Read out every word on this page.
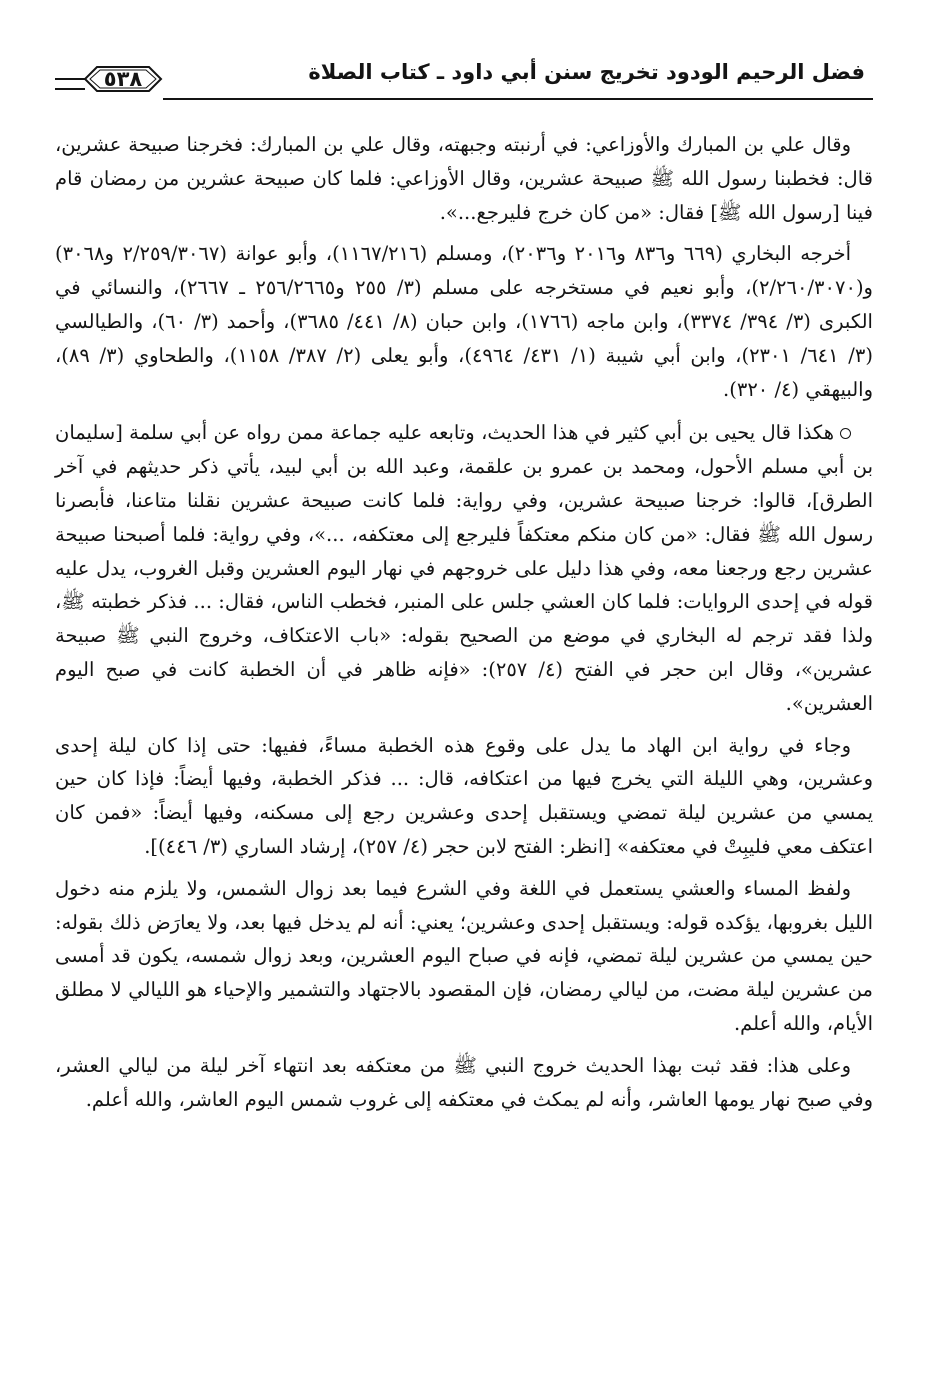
فضل الرحيم الودود تخريج سنن أبي داود ـ كتاب الصلاة
٥٣٨

وقال علي بن المبارك والأوزاعي: في أرنبته وجبهته، وقال علي بن المبارك: فخرجنا صبيحة عشرين، قال: فخطبنا رسول الله ﷺ صبيحة عشرين، وقال الأوزاعي: فلما كان صبيحة عشرين من رمضان قام فينا [رسول الله ﷺ] فقال: «من كان خرج فليرجع...».

أخرجه البخاري (٦٦٩ و٨٣٦ و٢٠١٦ و٢٠٣٦)، ومسلم (١١٦٧/٢١٦)، وأبو عوانة (٢/٢٥٩/٣٠٦٧ و٣٠٦٨) و(٢/٢٦٠/٣٠٧٠)، وأبو نعيم في مستخرجه على مسلم (٣/ ٢٥٥ و٢٥٦/٢٦٦٥ ـ ٢٦٦٧)، والنسائي في الكبرى (٣/ ٣٩٤/ ٣٣٧٤)، وابن ماجه (١٧٦٦)، وابن حبان (٨/ ٤٤١/ ٣٦٨٥)، وأحمد (٣/ ٦٠)، والطيالسي (٣/ ٦٤١/ ٢٣٠١)، وابن أبي شيبة (١/ ٤٣١/ ٤٩٦٤)، وأبو يعلى (٢/ ٣٨٧/ ١١٥٨)، والطحاوي (٣/ ٨٩)، والبيهقي (٤/ ٣٢٠).

هكذا قال يحيى بن أبي كثير في هذا الحديث، وتابعه عليه جماعة ممن رواه عن أبي سلمة [سليمان بن أبي مسلم الأحول، ومحمد بن عمرو بن علقمة، وعبد الله بن أبي لبيد، يأتي ذكر حديثهم في آخر الطرق]، قالوا: خرجنا صبيحة عشرين، وفي رواية: فلما كانت صبيحة عشرين نقلنا متاعنا، فأبصرنا رسول الله ﷺ فقال: «من كان منكم معتكفاً فليرجع إلى معتكفه، ...»، وفي رواية: فلما أصبحنا صبيحة عشرين رجع ورجعنا معه، وفي هذا دليل على خروجهم في نهار اليوم العشرين وقبل الغروب، يدل عليه قوله في إحدى الروايات: فلما كان العشي جلس على المنبر، فخطب الناس، فقال: ... فذكر خطبته ﷺ، ولذا فقد ترجم له البخاري في موضع من الصحيح بقوله: «باب الاعتكاف، وخروج النبي ﷺ صبيحة عشرين»، وقال ابن حجر في الفتح (٤/ ٢٥٧): «فإنه ظاهر في أن الخطبة كانت في صبح اليوم العشرين».

وجاء في رواية ابن الهاد ما يدل على وقوع هذه الخطبة مساءً، ففيها: حتى إذا كان ليلة إحدى وعشرين، وهي الليلة التي يخرج فيها من اعتكافه، قال: ... فذكر الخطبة، وفيها أيضاً: فإذا كان حين يمسي من عشرين ليلة تمضي ويستقبل إحدى وعشرين رجع إلى مسكنه، وفيها أيضاً: «فمن كان اعتكف معي فليبِتْ في معتكفه» [انظر: الفتح لابن حجر (٤/ ٢٥٧)، إرشاد الساري (٣/ ٤٤٦)].

ولفظ المساء والعشي يستعمل في اللغة وفي الشرع فيما بعد زوال الشمس، ولا يلزم منه دخول الليل بغروبها، يؤكده قوله: ويستقبل إحدى وعشرين؛ يعني: أنه لم يدخل فيها بعد، ولا يعارَض ذلك بقوله: حين يمسي من عشرين ليلة تمضي، فإنه في صباح اليوم العشرين، وبعد زوال شمسه، يكون قد أمسى من عشرين ليلة مضت، من ليالي رمضان، فإن المقصود بالاجتهاد والتشمير والإحياء هو الليالي لا مطلق الأيام، والله أعلم.

وعلى هذا: فقد ثبت بهذا الحديث خروج النبي ﷺ من معتكفه بعد انتهاء آخر ليلة من ليالي العشر، وفي صبح نهار يومها العاشر، وأنه لم يمكث في معتكفه إلى غروب شمس اليوم العاشر، والله أعلم.
